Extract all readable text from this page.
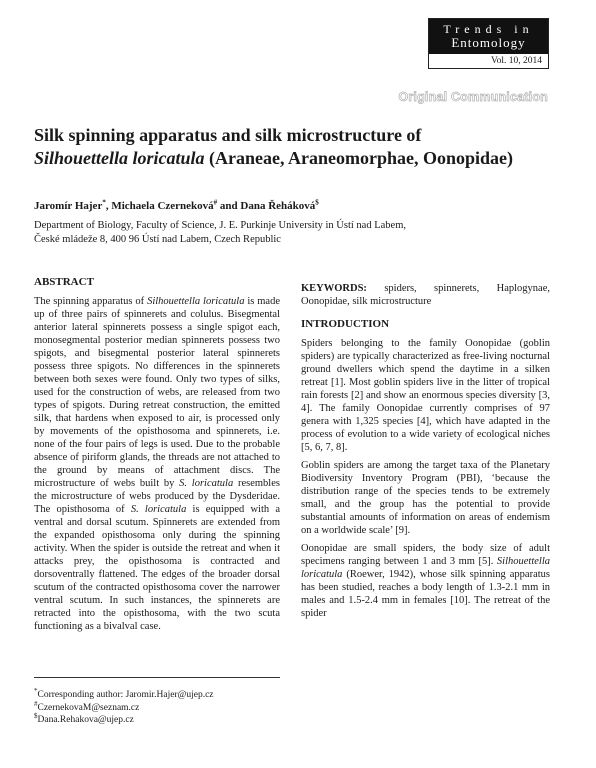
Trends in
Entomology
Vol. 10, 2014
Original Communication
Silk spinning apparatus and silk microstructure of
Silhouettella loricatula (Araneae, Araneomorphae, Oonopidae)
Jaromír Hajer*, Michaela Czerneková# and Dana Řeháková$
Department of Biology, Faculty of Science, J. E. Purkinje University in Ústí nad Labem,
České mládeže 8, 400 96 Ústí nad Labem, Czech Republic
ABSTRACT

The spinning apparatus of Silhouettella loricatula is made up of three pairs of spinnerets and colulus. Bisegmental anterior lateral spinnerets possess a single spigot each, monosegmental posterior median spinnerets possess two spigots, and bisegmental posterior lateral spinnerets possess three spigots. No differences in the spinnerets between both sexes were found. Only two types of silks, used for the construction of webs, are released from two types of spigots. During retreat construction, the emitted silk, that hardens when exposed to air, is processed only by movements of the opisthosoma and spinnerets, i.e. none of the four pairs of legs is used. Due to the probable absence of piriform glands, the threads are not attached to the ground by means of attachment discs. The microstructure of webs built by S. loricatula resembles the microstructure of webs produced by the Dysderidae. The opisthosoma of S. loricatula is equipped with a ventral and dorsal scutum. Spinnerets are extended from the expanded opisthosoma only during the spinning activity. When the spider is outside the retreat and when it attacks prey, the opisthosoma is contracted and dorsoventrally flattened. The edges of the broader dorsal scutum of the contracted opisthosoma cover the narrower ventral scutum. In such instances, the spinnerets are retracted into the opisthosoma, with the two scuta functioning as a bivalval case.

*Corresponding author: Jaromir.Hajer@ujep.cz
#CzernekovaM@seznam.cz
$Dana.Rehakova@ujep.cz

KEYWORDS: spiders, spinnerets, Haplogynae, Oonopidae, silk microstructure

INTRODUCTION

Spiders belonging to the family Oonopidae (goblin spiders) are typically characterized as free-living nocturnal ground dwellers which spend the daytime in a silken retreat [1]. Most goblin spiders live in the litter of tropical rain forests [2] and show an enormous species diversity [3, 4]. The family Oonopidae currently comprises of 97 genera with 1,325 species [4], which have adapted in the process of evolution to a wide variety of ecological niches [5, 6, 7, 8].

Goblin spiders are among the target taxa of the Planetary Biodiversity Inventory Program (PBI), ‘because the distribution range of the species tends to be extremely small, and the group has the potential to provide substantial amounts of information on areas of endemism on a worldwide scale’ [9].

Oonopidae are small spiders, the body size of adult specimens ranging between 1 and 3 mm [5]. Silhouettella loricatula (Roewer, 1942), whose silk spinning apparatus has been studied, reaches a body length of 1.3-2.1 mm in males and 1.5-2.4 mm in females [10]. The retreat of the spider
